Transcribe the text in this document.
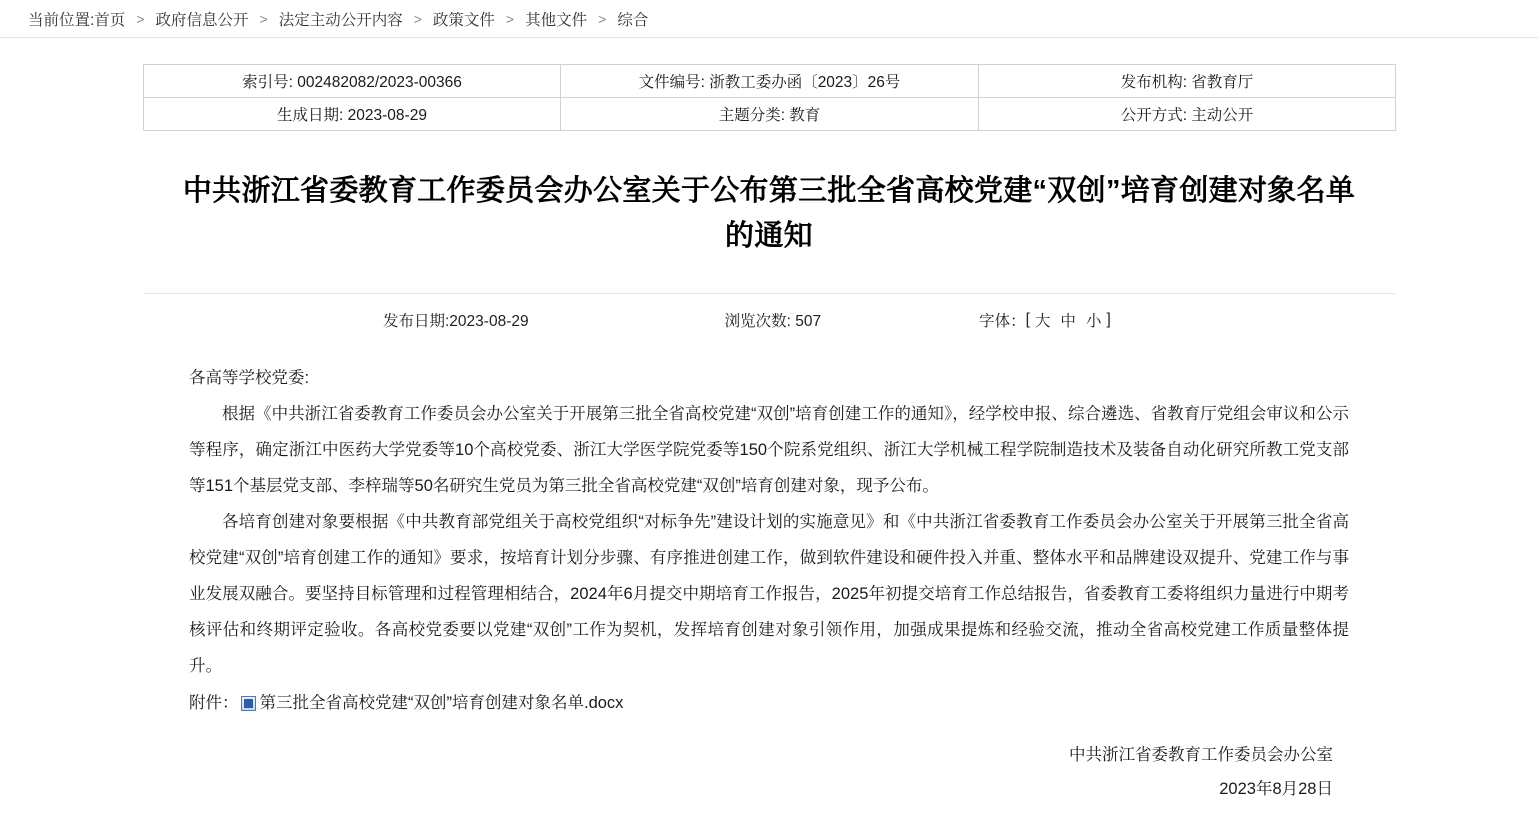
当前位置:首页 > 政府信息公开 > 法定主动公开内容 > 政策文件 > 其他文件 > 综合
索引号: 002482082/2023-00366	文件编号: 浙教工委办函〔2023〕26号	发布机构: 省教育厅
生成日期: 2023-08-29	主题分类: 教育	公开方式: 主动公开
中共浙江省委教育工作委员会办公室关于公布第三批全省高校党建“双创”培育创建对象名单的通知
发布日期:2023-08-29	浏览次数: 507	字体： [ 大 中 小 ]

各高等学校党委:

根据《中共浙江省委教育工作委员会办公室关于开展第三批全省高校党建“双创”培育创建工作的通知》，经学校申报、综合遴选、省教育厅党组会审议和公示等程序，确定浙江中医药大学党委等10个高校党委、浙江大学医学院党委等150个院系党组织、浙江大学机械工程学院制造技术及装备自动化研究所教工党支部等151个基层党支部、李梓瑞等50名研究生党员为第三批全省高校党建“双创”培育创建对象，现予公布。

各培育创建对象要根据《中共教育部党组关于高校党组织“对标争先”建设计划的实施意见》和《中共浙江省委教育工作委员会办公室关于开展第三批全省高校党建“双创”培育创建工作的通知》要求，按培育计划分步骤、有序推进创建工作，做到软件建设和硬件投入并重、整体水平和品牌建设双提升、党建工作与事业发展双融合。要坚持目标管理和过程管理相结合，2024年6月提交中期培育工作报告，2025年初提交培育工作总结报告，省委教育工委将组织力量进行中期考核评估和终期评定验收。各高校党委要以党建“双创”工作为契机，发挥培育创建对象引领作用，加强成果提炼和经验交流，推动全省高校党建工作质量整体提升。

附件： 第三批全省高校党建“双创”培育创建对象名单.docx
中共浙江省委教育工作委员会办公室
2023年8月28日
